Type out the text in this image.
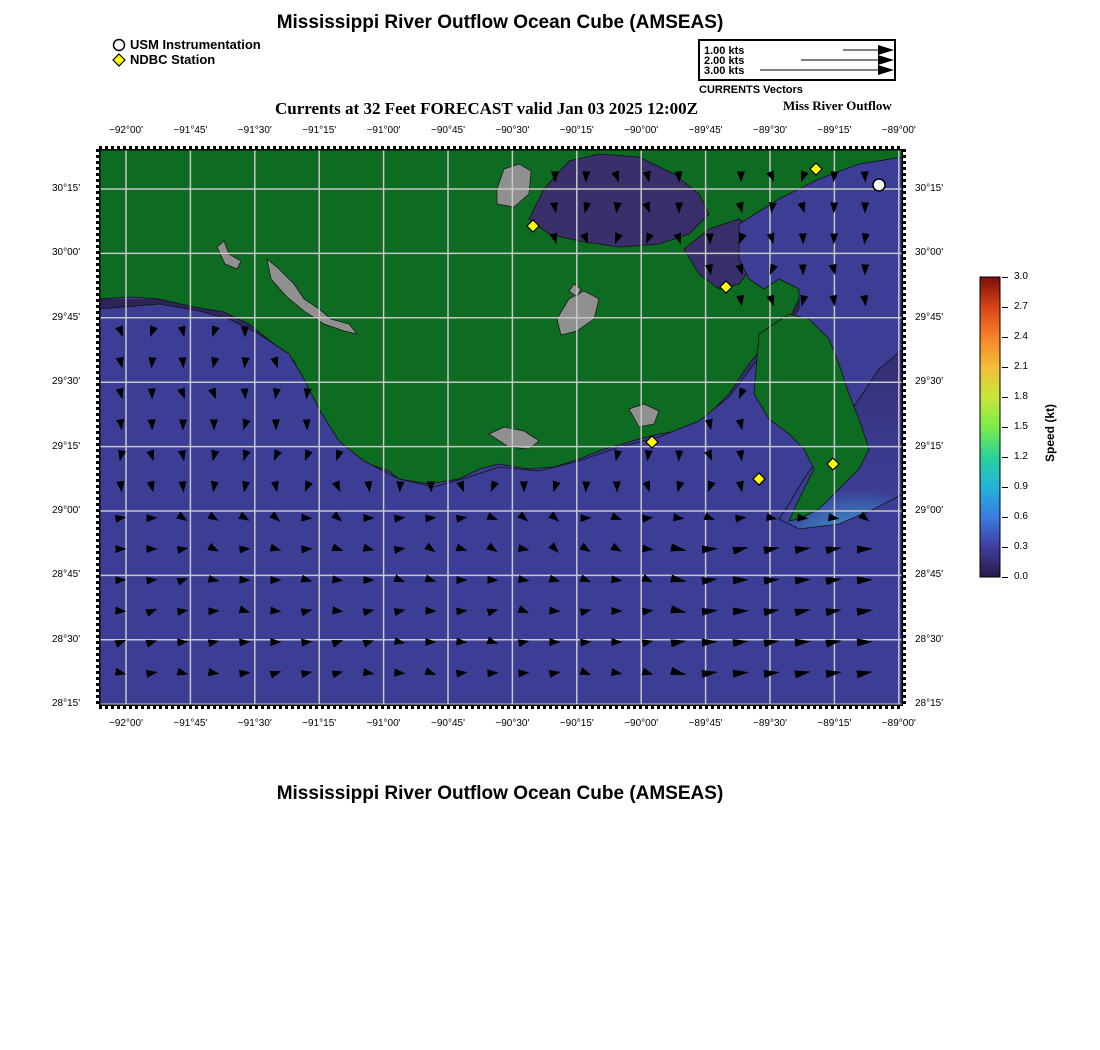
Mississippi River Outflow Ocean Cube (AMSEAS)
USM Instrumentation
NDBC Station
1.00 kts
2.00 kts
3.00 kts
CURRENTS Vectors
Currents at 32 Feet FORECAST valid Jan 03 2025 12:00Z	Miss River Outflow
−92°00'	−91°45'	−91°30'	−91°15'	−91°00'	−90°45'	−90°30'	−90°15'	−90°00'	−89°45'	−89°30'	−89°15'	−89°00'
−92°00'	−91°45'	−91°30'	−91°15'	−91°00'	−90°45'	−90°30'	−90°15'	−90°00'	−89°45'	−89°30'	−89°15'	−89°00'
30°15'
30°00'
29°45'
29°30'
29°15'
29°00'
28°45'
28°30'
28°15'
30°15'
30°00'
29°45'
29°30'
29°15'
29°00'
28°45'
28°30'
28°15'
3.0
2.7
2.4
2.1
1.8
1.5
1.2
0.9
0.6
0.3
0.0
Speed (kt)
Mississippi River Outflow Ocean Cube (AMSEAS)
